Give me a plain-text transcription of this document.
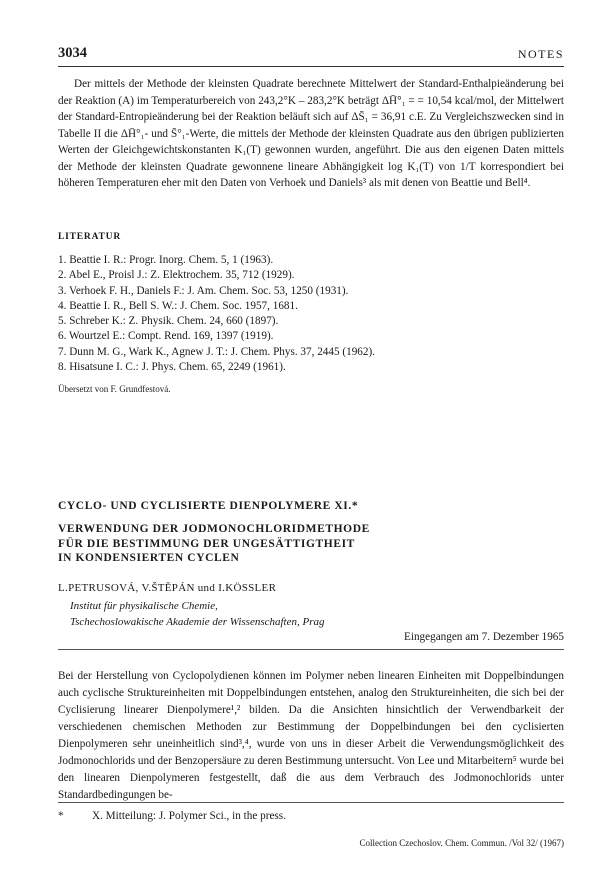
3034	NOTES

Der mittels der Methode der kleinsten Quadrate berechnete Mittelwert der Standard-Enthalpieänderung bei der Reaktion (A) im Temperaturbereich von 243,2°K – 283,2°K beträgt ΔH̄°₁ = = 10,54 kcal/mol, der Mittelwert der Standard-Entropieänderung bei der Reaktion beläuft sich auf ΔS̄₁ = 36,91 c.E. Zu Vergleichszwecken sind in Tabelle II die ΔH̄°₁- und S̄°₁-Werte, die mittels der Methode der kleinsten Quadrate aus den übrigen publizierten Werten der Gleichgewichtskonstanten K₁(T) gewonnen wurden, angeführt. Die aus den eigenen Daten mittels der Methode der kleinsten Quadrate gewonnene lineare Abhängigkeit log K₁(T) von 1/T korrespondiert bei höheren Temperaturen eher mit den Daten von Verhoek und Daniels³ als mit denen von Beattie und Bell⁴.

LITERATUR
1. Beattie I. R.: Progr. Inorg. Chem. 5, 1 (1963).
2. Abel E., Proisl J.: Z. Elektrochem. 35, 712 (1929).
3. Verhoek F. H., Daniels F.: J. Am. Chem. Soc. 53, 1250 (1931).
4. Beattie I. R., Bell S. W.: J. Chem. Soc. 1957, 1681.
5. Schreber K.: Z. Physik. Chem. 24, 660 (1897).
6. Wourtzel E.: Compt. Rend. 169, 1397 (1919).
7. Dunn M. G., Wark K., Agnew J. T.: J. Chem. Phys. 37, 2445 (1962).
8. Hisatsune I. C.: J. Phys. Chem. 65, 2249 (1961).
Übersetzt von F. Grundfestová.
CYCLO- UND CYCLISIERTE DIENPOLYMERE XI.*
VERWENDUNG DER JODMONOCHLORIDMETHODE
FÜR DIE BESTIMMUNG DER UNGESÄTTIGTHEIT
IN KONDENSIERTEN CYCLEN
L.PETRUSOVÁ, V.ŠTĚPÁN und I.KÖSSLER
Institut für physikalische Chemie,
Tschechoslowakische Akademie der Wissenschaften, Prag
Eingegangen am 7. Dezember 1965

Bei der Herstellung von Cyclopolydienen können im Polymer neben linearen Einheiten mit Doppelbindungen auch cyclische Struktureinheiten mit Doppelbindungen entstehen, analog den Struktureinheiten, die sich bei der Cyclisierung linearer Dienpolymere¹,² bilden. Da die Ansichten hinsichtlich der Verwendbarkeit der verschiedenen chemischen Methoden zur Bestimmung der Doppelbindungen bei den cyclisierten Dienpolymeren sehr uneinheitlich sind³,⁴, wurde von uns in dieser Arbeit die Verwendungsmöglichkeit des Jodmonochlorids und der Benzopersäure zu deren Bestimmung untersucht. Von Lee und Mitarbeitern⁵ wurde bei den linearen Dienpolymeren festgestellt, daß die aus dem Verbrauch des Jodmonochlorids unter Standardbedingungen be-

*	X. Mitteilung: J. Polymer Sci., in the press.
Collection Czechoslov. Chem. Commun. /Vol 32/ (1967)
